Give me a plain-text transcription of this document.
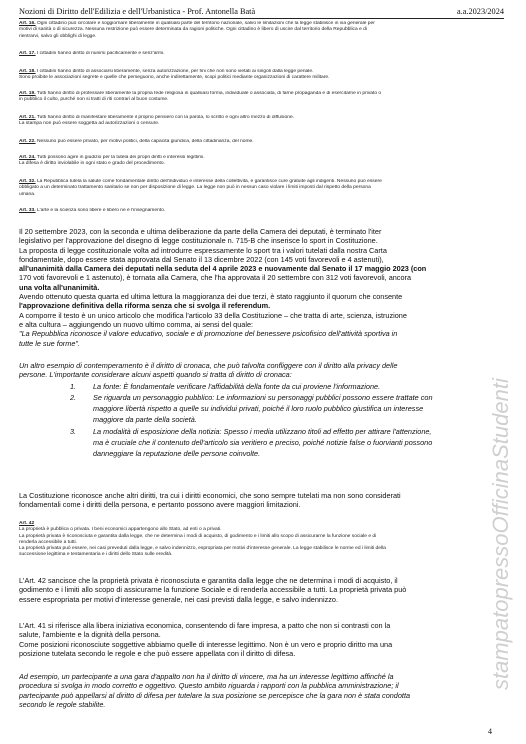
Nozioni di Diritto dell'Edilizia e dell'Urbanistica - Prof. Antonella Batà	a.a.2023/2024
Art. 16. Ogni cittadino può circolare e soggiornare liberamente in qualsiasi parte del territorio nazionale, salvo le limitazioni che la legge stabilisce in via generale per
motivi di sanità o di sicurezza. Nessuna restrizione può essere determinata da ragioni politiche. Ogni cittadino è libero di uscire dal territorio della Repubblica e di
rientrarvi, salvo gli obblighi di legge.
Art. 17. I cittadini hanno diritto di riunirsi pacificamente e senz'armi.
Art. 18. I cittadini hanno diritto di associarsi liberamente, senza autorizzazione, per fini che non sono vietati ai singoli dalla legge penale.
Sono proibite le associazioni segrete e quelle che perseguono, anche indirettamente, scopi politici mediante organizzazioni di carattere militare.
Art. 19. Tutti hanno diritto di professare liberamente la propria fede religiosa in qualsiasi forma, individuale o associata, di farne propaganda e di esercitarne in privato o
in pubblico il culto, purché non si tratti di riti contrari al buon costume.
Art. 21. Tutti hanno diritto di manifestare liberamente il proprio pensiero con la parola, lo scritto e ogni altro mezzo di diffusione.
La stampa non può essere soggetta ad autorizzazioni o censure.
Art. 22. Nessuno può essere privato, per motivi politici, della capacità giuridica, della cittadinanza, del nome.
Art. 24. Tutti possono agire in giudizio per la tutela dei propri diritti e interessi legittimi.
La difesa è diritto inviolabile in ogni stato e grado del procedimento.
Art. 32. La Repubblica tutela la salute come fondamentale diritto dell'individuo e interesse della collettività, e garantisce cure gratuite agli indigenti. Nessuno può essere
obbligato a un determinato trattamento sanitario se non per disposizione di legge. La legge non può in nessun caso violare i limiti imposti dal rispetto della persona
umana.
Art. 33. L'arte e la scienza sono libere e libero ne è l'insegnamento.
Il 20 settembre 2023, con la seconda e ultima deliberazione da parte della Camera dei deputati, è terminato l'iter
legislativo per l'approvazione del disegno di legge costituzionale n. 715-B che inserisce lo sport in Costituzione.
La proposta di legge costituzionale volta ad introdurre espressamente lo sport tra i valori tutelati dalla nostra Carta
fondamentale, dopo essere stata approvata dal Senato il 13 dicembre 2022 (con 145 voti favorevoli e 4 astenuti),
all'unanimità dalla Camera dei deputati nella seduta del 4 aprile 2023 e nuovamente dal Senato il 17 maggio 2023 (con
170 voti favorevoli e 1 astenuto), è tornata alla Camera, che l'ha approvata il 20 settembre con 312 voti favorevoli, ancora
una volta all'unanimità.
Avendo ottenuto questa quarta ed ultima lettura la maggioranza dei due terzi, è stato raggiunto il quorum che consente
l'approvazione definitiva della riforma senza che si svolga il referendum.
A comporre il testo è un unico articolo che modifica l'articolo 33 della Costituzione – che tratta di arte, scienza, istruzione
e alta cultura – aggiungendo un nuovo ultimo comma, ai sensi del quale:
"La Repubblica riconosce il valore educativo, sociale e di promozione del benessere psicofisico dell'attività sportiva in
tutte le sue forme".
Un altro esempio di contemperamento è il diritto di cronaca, che può talvolta confliggere con il diritto alla privacy delle
persone. L'importante considerare alcuni aspetti quando si tratta di diritto di cronaca:
1. La fonte: È fondamentale verificare l'affidabilità della fonte da cui proviene l'informazione.
2. Se riguarda un personaggio pubblico: Le informazioni su personaggi pubblici possono essere trattate con
maggiore libertà rispetto a quelle su individui privati, poiché il loro ruolo pubblico giustifica un interesse
maggiore da parte della società.
3. La modalità di esposizione della notizia: Spesso i media utilizzano titoli ad effetto per attirare l'attenzione,
ma è cruciale che il contenuto dell'articolo sia veritiero e preciso, poiché notizie false o fuorvianti possono
danneggiare la reputazione delle persone coinvolte.
La Costituzione riconosce anche altri diritti, tra cui i diritti economici, che sono sempre tutelati ma non sono considerati
fondamentali come i diritti della persona, e pertanto possono avere maggiori limitazioni.
Art. 42
La proprietà è pubblica o privata. I beni economici appartengono allo Stato, ad enti o a privati.
La proprietà privata è riconosciuta e garantita dalla legge, che ne determina i modi di acquisto, di godimento e i limiti allo scopo di assicurarne la funzione sociale e di
renderla accessibile a tutti.
La proprietà privata può essere, nei casi preveduti dalla legge, e salvo indennizzo, espropriata per motivi d'interesse generale. La legge stabilisce le norme ed i limiti della
successione legittima e testamentaria e i diritti dello Stato sulle eredità.
L'Art. 42 sancisce che la proprietà privata è riconosciuta e garantita dalla legge che ne determina i modi di acquisto, il
godimento e i limiti allo scopo di assicurarne la funzione Sociale e di renderla accessibile a tutti. La proprietà privata può
essere espropriata per motivi d'interesse generale, nei casi previsti dalla legge, e salvo indennizzo.
L'Art. 41 si riferisce alla libera iniziativa economica, consentendo di fare impresa, a patto che non si contrasti con la
salute, l'ambiente e la dignità della persona.
Come posizioni riconosciute soggettive abbiamo quelle di interesse legittimo. Non è un vero e proprio diritto ma una
posizione tutelata secondo le regole e che può essere appellata con il diritto di difesa.
Ad esempio, un partecipante a una gara d'appalto non ha il diritto di vincere, ma ha un interesse legittimo affinché la
procedura si svolga in modo corretto e oggettivo. Questo ambito riguarda i rapporti con la pubblica amministrazione; il
partecipante può appellarsi al diritto di difesa per tutelare la sua posizione se percepisce che la gara non è stata condotta
secondo le regole stabilite.
stampatopressoOfficinaStudenti
4
